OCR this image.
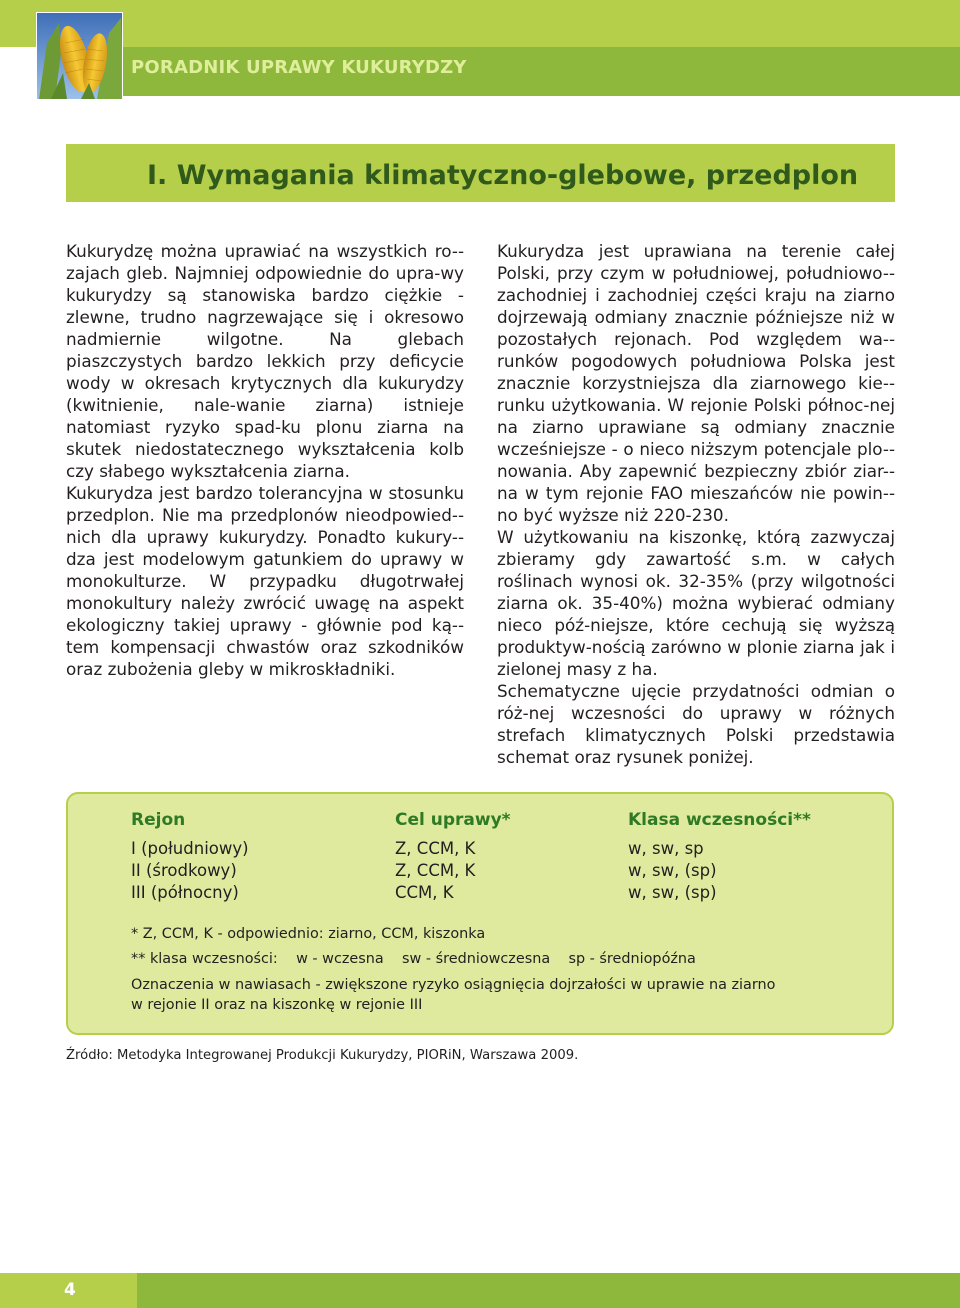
PORADNIK UPRAWY KUKURYDZY
I. Wymagania klimatyczno-glebowe, przedplon

Kukurydzę można uprawiać na wszystkich ro-zajach gleb. Najmniej odpowiednie do upra-wy kukurydzy są stanowiska bardzo ciężkie - zlewne, trudno nagrzewające się i okresowo nadmiernie wilgotne. Na glebach piaszczystych bardzo lekkich przy deficycie wody w okresach krytycznych dla kukurydzy (kwitnienie, nale-wanie ziarna) istnieje natomiast ryzyko spad-ku plonu ziarna na skutek niedostatecznego wykształcenia kolb czy słabego wykształcenia ziarna.

Kukurydza jest bardzo tolerancyjna w stosunku przedplon. Nie ma przedplonów nieodpowied-nich dla uprawy kukurydzy. Ponadto kukury-dza jest modelowym gatunkiem do uprawy w monokulturze. W przypadku długotrwałej monokultury należy zwrócić uwagę na aspekt ekologiczny takiej uprawy - głównie pod ką-tem kompensacji chwastów oraz szkodników oraz zubożenia gleby w mikroskładniki.

Kukurydza jest uprawiana na terenie całej Polski, przy czym w południowej, południowo-zachodniej i zachodniej części kraju na ziarno dojrzewają odmiany znacznie późniejsze niż w pozostałych rejonach. Pod względem wa-runków pogodowych południowa Polska jest znacznie korzystniejsza dla ziarnowego kie-runku użytkowania. W rejonie Polski północ-nej na ziarno uprawiane są odmiany znacznie wcześniejsze - o nieco niższym potencjale plo-nowania. Aby zapewnić bezpieczny zbiór ziar-na w tym rejonie FAO mieszańców nie powin-no być wyższe niż 220-230.

W użytkowaniu na kiszonkę, którą zazwyczaj zbieramy gdy zawartość s.m. w całych roślinach wynosi ok. 32-35% (przy wilgotności ziarna ok. 35-40%) można wybierać odmiany nieco póź-niejsze, które cechują się wyższą produktyw-nością zarówno w plonie ziarna jak i zielonej masy z ha.

Schematyczne ujęcie przydatności odmian o róż-nej wczesności do uprawy w różnych strefach klimatycznych Polski przedstawia schemat oraz rysunek poniżej.

Rejon	Cel uprawy*	Klasa wczesności**
I (południowy)	Z, CCM, K	w, sw, sp
II (środkowy)	Z, CCM, K	w, sw, (sp)
III (północny)	CCM, K	w, sw, (sp)
* Z, CCM, K - odpowiednio: ziarno, CCM, kiszonka
** klasa wczesności:    w - wczesna    sw - średniowczesna    sp - średniopóźna
Oznaczenia w nawiasach - zwiększone ryzyko osiągnięcia dojrzałości w uprawie na ziarno
w rejonie II oraz na kiszonkę w rejonie III
Źródło: Metodyka Integrowanej Produkcji Kukurydzy, PIORiN, Warszawa 2009.
4
